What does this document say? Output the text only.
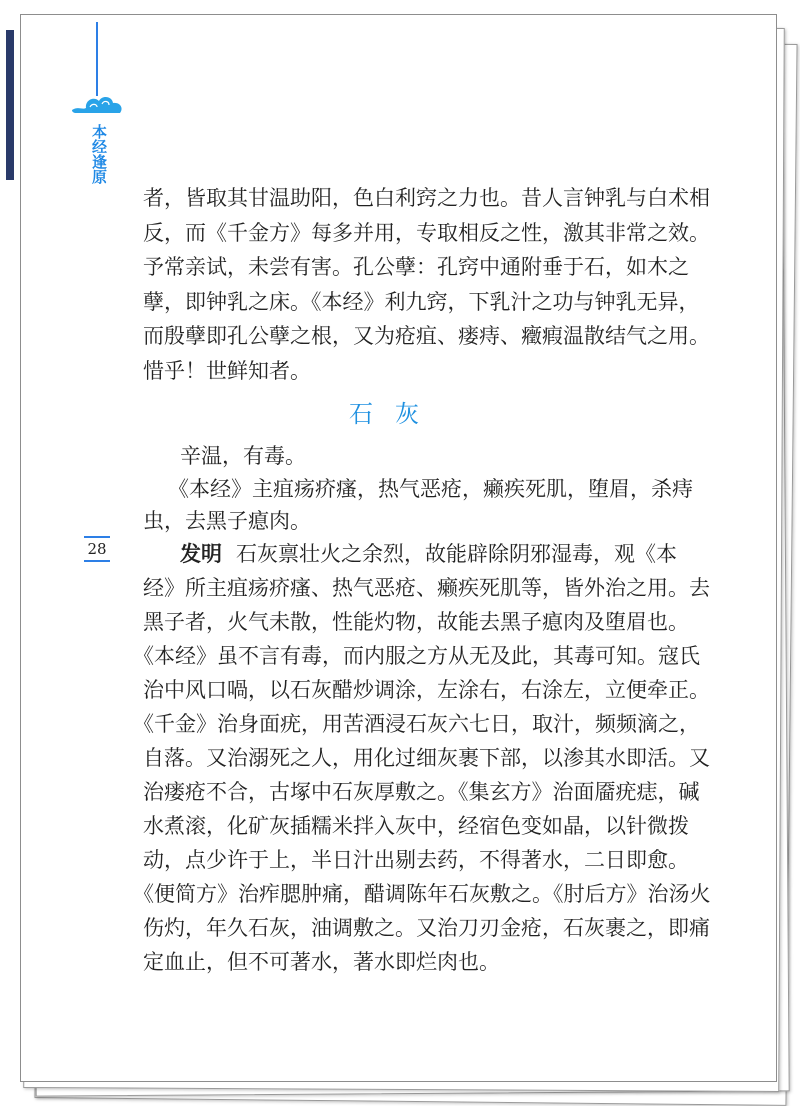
本经逢原
28
者，皆取其甘温助阳，色白利窍之力也。昔人言钟乳与白术相
反，而《千金方》每多并用，专取相反之性，激其非常之效。
予常亲试，未尝有害。孔公孽：孔窍中通附垂于石，如木之
孽，即钟乳之床。《本经》利九窍，下乳汁之功与钟乳无异，
而殷孽即孔公孽之根，又为疮疽、瘘痔、癥瘕温散结气之用。
惜乎！世鲜知者。
石灰
辛温，有毒。
《本经》主疽疡疥瘙，热气恶疮，癞疾死肌，堕眉，杀痔
虫，去黑子瘜肉。
发明 石灰禀壮火之余烈，故能辟除阴邪湿毒，观《本
经》所主疽疡疥瘙、热气恶疮、癞疾死肌等，皆外治之用。去
黑子者，火气未散，性能灼物，故能去黑子瘜肉及堕眉也。
《本经》虽不言有毒，而内服之方从无及此，其毒可知。寇氏
治中风口喎，以石灰醋炒调涂，左涂右，右涂左，立便牵正。
《千金》治身面疣，用苦酒浸石灰六七日，取汁，频频滴之，
自落。又治溺死之人，用化过细灰裹下部，以渗其水即活。又
治瘘疮不合，古塚中石灰厚敷之。《集玄方》治面靥疣痣，碱
水煮滚，化矿灰插糯米拌入灰中，经宿色变如晶，以针微拨
动，点少许于上，半日汁出剔去药，不得著水，二日即愈。
《便简方》治痄腮肿痛，醋调陈年石灰敷之。《肘后方》治汤火
伤灼，年久石灰，油调敷之。又治刀刃金疮，石灰裹之，即痛
定血止，但不可著水，著水即烂肉也。
